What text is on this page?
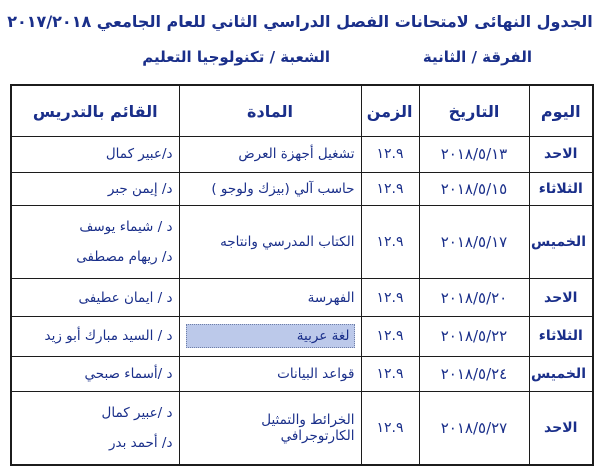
الجدول النهائى لامتحانات الفصل الدراسي الثاني للعام الجامعي ٢٠١٧/٢٠١٨
الفرقة / الثانية
الشعبة / تكنولوجيا التعليم
اليوم	التاريخ	الزمن	المادة	القائم بالتدريس
الاحد	٢٠١٨/٥/١٣	١٢.٩	تشغيل أجهزة العرض	د/عبير كمال
الثلاثاء	٢٠١٨/٥/١٥	١٢.٩	حاسب آلي (بيزك ولوجو )	د/ إيمن جبر
الخميس	٢٠١٨/٥/١٧	١٢.٩	الكتاب المدرسي وانتاجه	د / شيماء يوسف
د/ ريهام مصطفى

الاحد	٢٠١٨/٥/٢٠	١٢.٩	الفهرسة	د / ايمان عطيفى
الثلاثاء	٢٠١٨/٥/٢٢	١٢.٩	لغة عربية	د / السيد مبارك أبو زيد
الخميس	٢٠١٨/٥/٢٤	١٢.٩	قواعد البيانات	د /أسماء صبحي
الاحد	٢٠١٨/٥/٢٧	١٢.٩	الخرائط والتمثيل الكارتوجرافي	د /عبير كمال
د/ أحمد بدر
